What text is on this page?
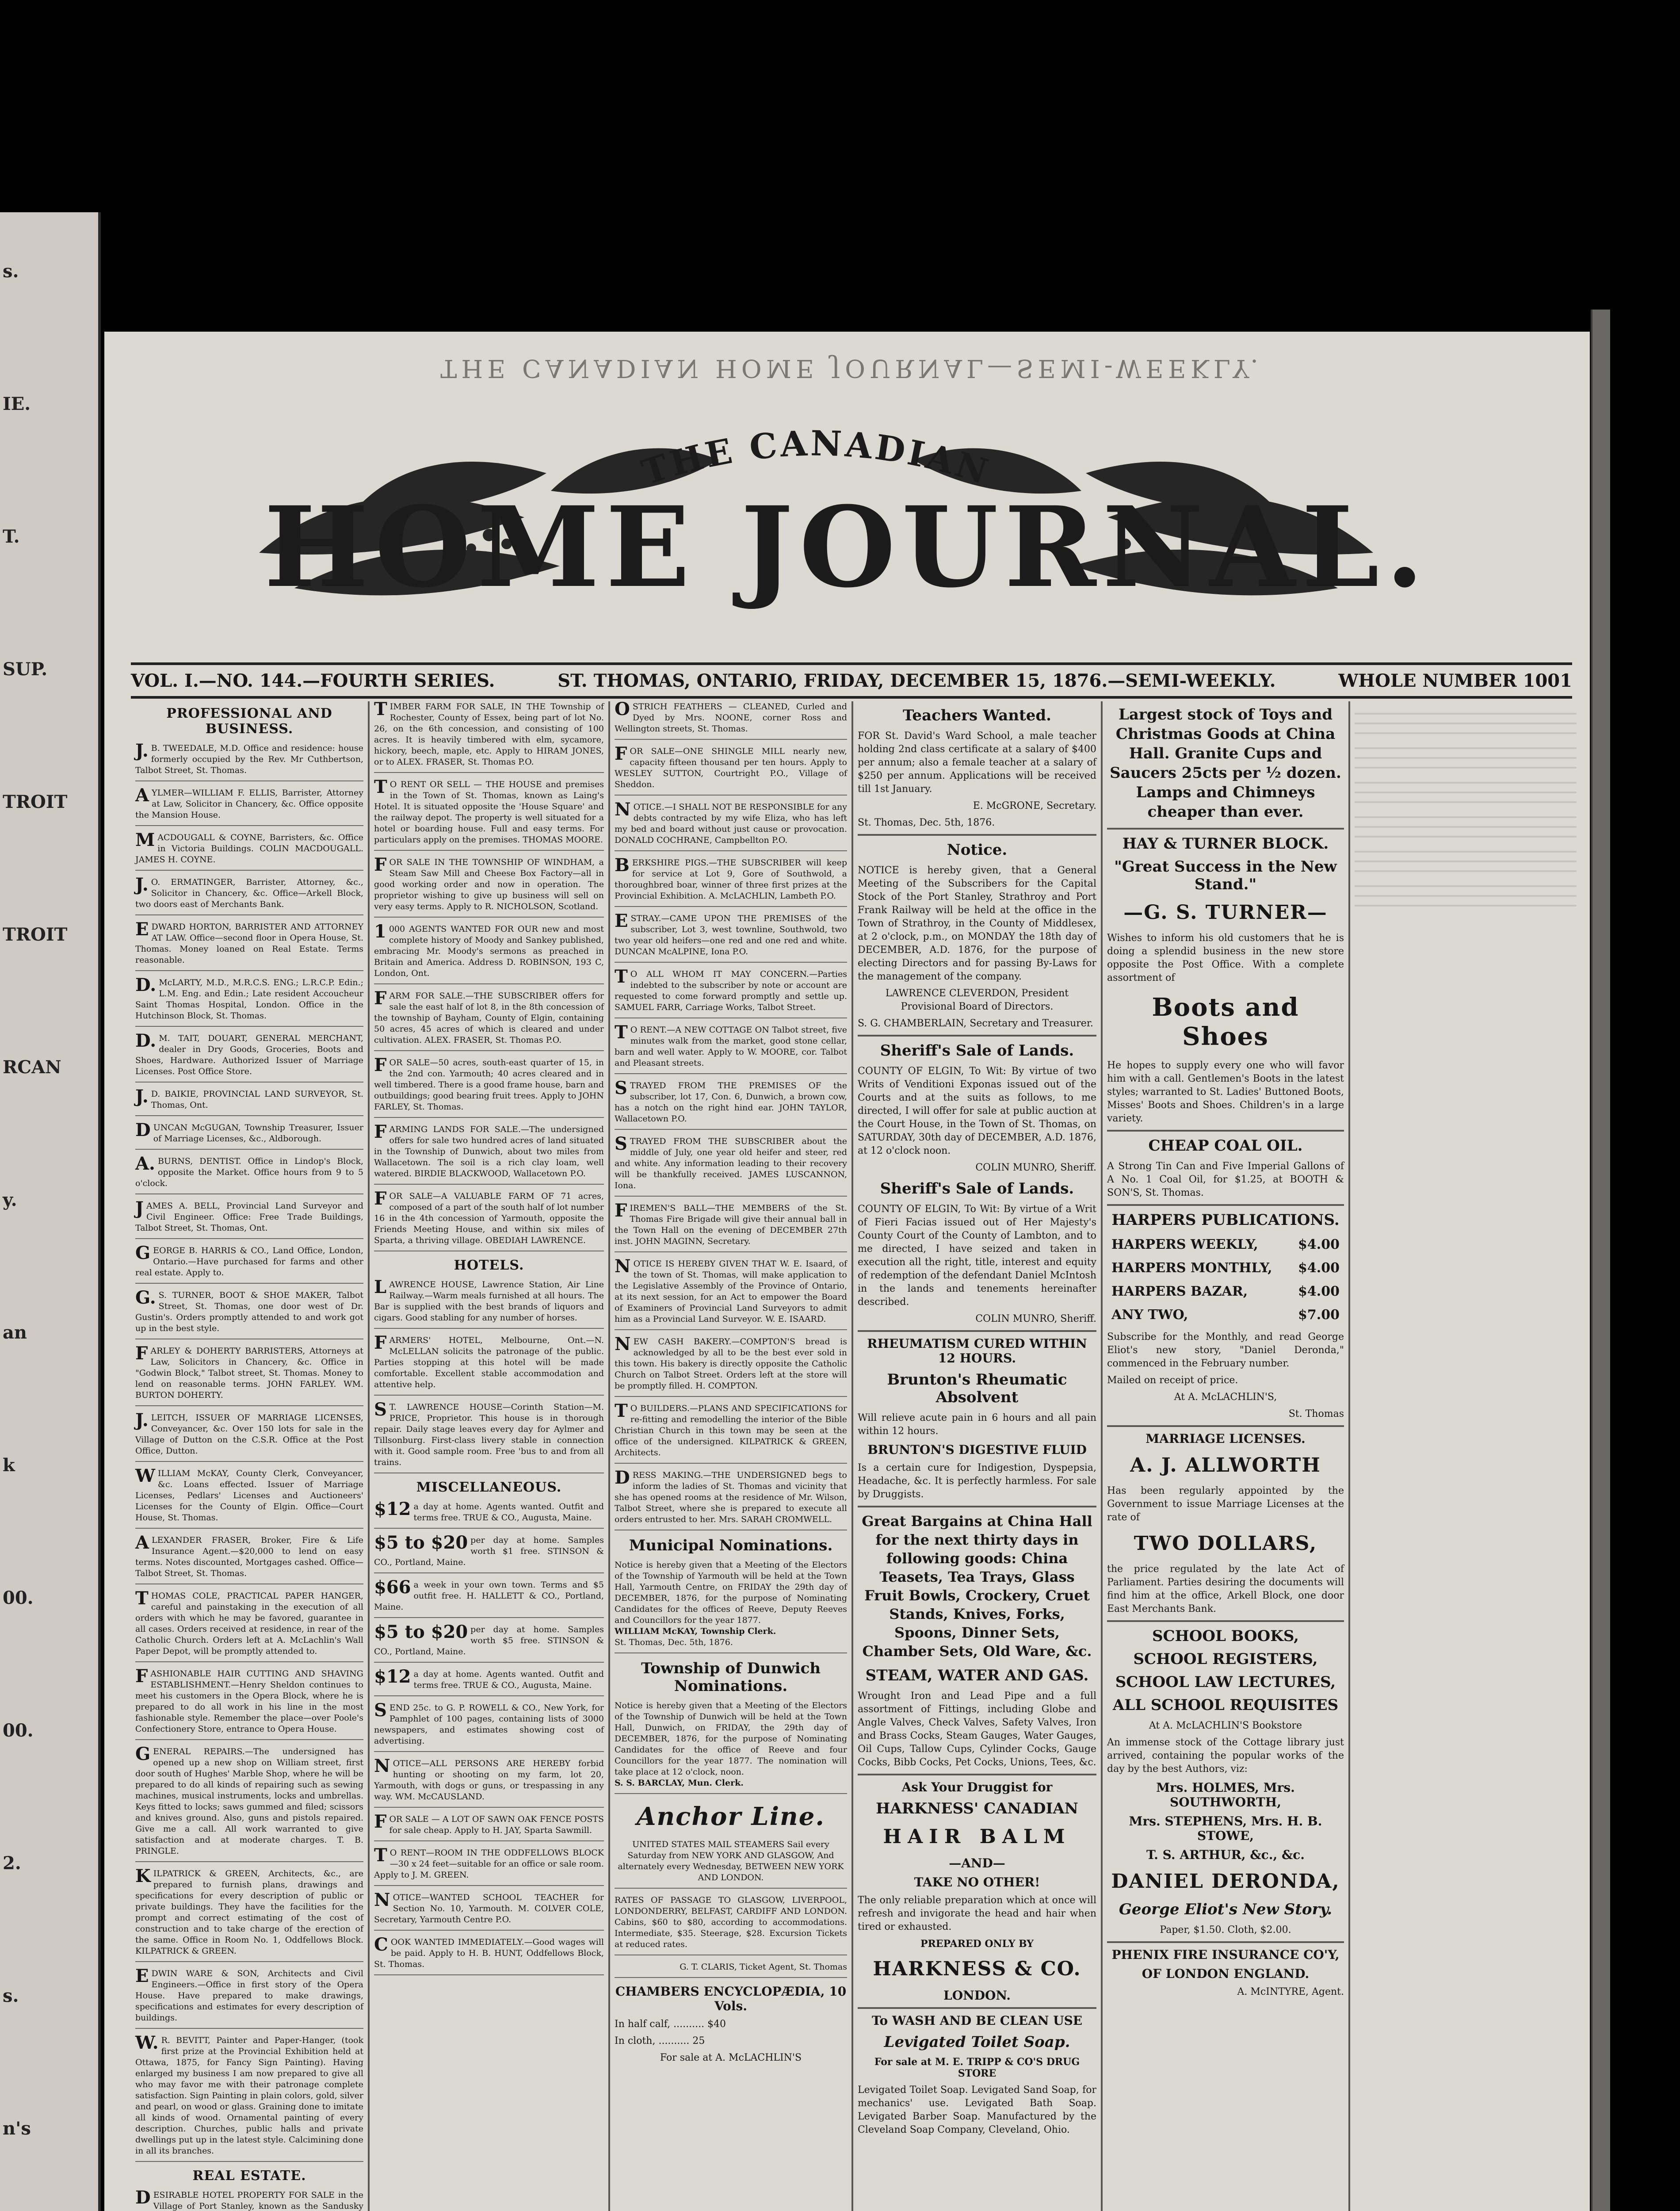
s.
IE.
T.
SUP.
TROIT
TROIT
RCAN
y.
an
k
00.
00.
2.
s.
n's
THE CANADIAN HOME JOURNAL—SEMI-WEEKLY.
THE CANADIAN
HOME JOURNAL.
VOL. I.—NO. 144.—FOURTH SERIES.	ST. THOMAS, ONTARIO, FRIDAY, DECEMBER 15, 1876.—SEMI-WEEKLY.	WHOLE NUMBER 1001
PROFESSIONAL AND BUSINESS.

J. B. TWEEDALE, M.D. Office and residence: house formerly occupied by the Rev. Mr Cuthbertson, Talbot Street, St. Thomas.

AYLMER—WILLIAM F. ELLIS, Barrister, Attorney at Law, Solicitor in Chancery, &c. Office opposite the Mansion House.

MACDOUGALL & COYNE, Barristers, &c. Office in Victoria Buildings. COLIN MACDOUGALL. JAMES H. COYNE.

J. O. ERMATINGER, Barrister, Attorney, &c., Solicitor in Chancery, &c. Office—Arkell Block, two doors east of Merchants Bank.

EDWARD HORTON, BARRISTER AND ATTORNEY AT LAW. Office—second floor in Opera House, St. Thomas. Money loaned on Real Estate. Terms reasonable.

D. McLARTY, M.D., M.R.C.S. ENG.; L.R.C.P. Edin.; L.M. Eng. and Edin.; Late resident Accoucheur Saint Thomas Hospital, London. Office in the Hutchinson Block, St. Thomas.

D. M. TAIT, DOUART, GENERAL MERCHANT, dealer in Dry Goods, Groceries, Boots and Shoes, Hardware. Authorized Issuer of Marriage Licenses. Post Office Store.

J. D. BAIKIE, PROVINCIAL LAND SURVEYOR, St. Thomas, Ont.

DUNCAN McGUGAN, Township Treasurer, Issuer of Marriage Licenses, &c., Aldborough.

A. BURNS, DENTIST. Office in Lindop's Block, opposite the Market. Office hours from 9 to 5 o'clock.

JAMES A. BELL, Provincial Land Surveyor and Civil Engineer. Office: Free Trade Buildings, Talbot Street, St. Thomas, Ont.

GEORGE B. HARRIS & CO., Land Office, London, Ontario.—Have purchased for farms and other real estate. Apply to.

G. S. TURNER, BOOT & SHOE MAKER, Talbot Street, St. Thomas, one door west of Dr. Gustin's. Orders promptly attended to and work got up in the best style.

FARLEY & DOHERTY BARRISTERS, Attorneys at Law, Solicitors in Chancery, &c. Office in "Godwin Block," Talbot street, St. Thomas. Money to lend on reasonable terms. JOHN FARLEY. WM. BURTON DOHERTY.

J. LEITCH, ISSUER OF MARRIAGE LICENSES, Conveyancer, &c. Over 150 lots for sale in the Village of Dutton on the C.S.R. Office at the Post Office, Dutton.

WILLIAM McKAY, County Clerk, Conveyancer, &c. Loans effected. Issuer of Marriage Licenses, Pedlars' Licenses and Auctioneers' Licenses for the County of Elgin. Office—Court House, St. Thomas.

ALEXANDER FRASER, Broker, Fire & Life Insurance Agent.—$20,000 to lend on easy terms. Notes discounted, Mortgages cashed. Office—Talbot Street, St. Thomas.

THOMAS COLE, PRACTICAL PAPER HANGER, careful and painstaking in the execution of all orders with which he may be favored, guarantee in all cases. Orders received at residence, in rear of the Catholic Church. Orders left at A. McLachlin's Wall Paper Depot, will be promptly attended to.

FASHIONABLE HAIR CUTTING AND SHAVING ESTABLISHMENT.—Henry Sheldon continues to meet his customers in the Opera Block, where he is prepared to do all work in his line in the most fashionable style. Remember the place—over Poole's Confectionery Store, entrance to Opera House.

GENERAL REPAIRS.—The undersigned has opened up a new shop on William street, first door south of Hughes' Marble Shop, where he will be prepared to do all kinds of repairing such as sewing machines, musical instruments, locks and umbrellas. Keys fitted to locks; saws gummed and filed; scissors and knives ground. Also, guns and pistols repaired. Give me a call. All work warranted to give satisfaction and at moderate charges. T. B. PRINGLE.

KILPATRICK & GREEN, Architects, &c., are prepared to furnish plans, drawings and specifications for every description of public or private buildings. They have the facilities for the prompt and correct estimating of the cost of construction and to take charge of the erection of the same. Office in Room No. 1, Oddfellows Block. KILPATRICK & GREEN.

EDWIN WARE & SON, Architects and Civil Engineers.—Office in first story of the Opera House. Have prepared to make drawings, specifications and estimates for every description of buildings.

W. R. BEVITT, Painter and Paper-Hanger, (took first prize at the Provincial Exhibition held at Ottawa, 1875, for Fancy Sign Painting). Having enlarged my business I am now prepared to give all who may favor me with their patronage complete satisfaction. Sign Painting in plain colors, gold, silver and pearl, on wood or glass. Graining done to imitate all kinds of wood. Ornamental painting of every description. Churches, public halls and private dwellings put up in the latest style. Calcimining done in all its branches.

REAL ESTATE.

DESIRABLE HOTEL PROPERTY FOR SALE in the Village of Port Stanley, known as the Sandusky

TIMBER FARM FOR SALE, IN THE Township of Rochester, County of Essex, being part of lot No. 26, on the 6th concession, and consisting of 100 acres. It is heavily timbered with elm, sycamore, hickory, beech, maple, etc. Apply to HIRAM JONES, or to ALEX. FRASER, St. Thomas P.O.

T O RENT OR SELL — THE HOUSE and premises in the Town of St. Thomas, known as Laing's Hotel. It is situated opposite the 'House Square' and the railway depot. The property is well situated for a hotel or boarding house. Full and easy terms. For particulars apply on the premises. THOMAS MOORE.

FOR SALE IN THE TOWNSHIP OF WINDHAM, a Steam Saw Mill and Cheese Box Factory—all in good working order and now in operation. The proprietor wishing to give up business will sell on very easy terms. Apply to R. NICHOLSON, Scotland.

1 000 AGENTS WANTED FOR OUR new and most complete history of Moody and Sankey published, embracing Mr. Moody's sermons as preached in Britain and America. Address D. ROBINSON, 193 C, London, Ont.

FARM FOR SALE.—THE SUBSCRIBER offers for sale the east half of lot 8, in the 8th concession of the township of Bayham, County of Elgin, containing 50 acres, 45 acres of which is cleared and under cultivation. ALEX. FRASER, St. Thomas P.O.

FOR SALE—50 acres, south-east quarter of 15, in the 2nd con. Yarmouth; 40 acres cleared and in well timbered. There is a good frame house, barn and outbuildings; good bearing fruit trees. Apply to JOHN FARLEY, St. Thomas.

FARMING LANDS FOR SALE.—The undersigned offers for sale two hundred acres of land situated in the Township of Dunwich, about two miles from Wallacetown. The soil is a rich clay loam, well watered. BIRDIE BLACKWOOD, Wallacetown P.O.

FOR SALE—A VALUABLE FARM OF 71 acres, composed of a part of the south half of lot number 16 in the 4th concession of Yarmouth, opposite the Friends Meeting House, and within six miles of Sparta, a thriving village. OBEDIAH LAWRENCE.

HOTELS.

LAWRENCE HOUSE, Lawrence Station, Air Line Railway.—Warm meals furnished at all hours. The Bar is supplied with the best brands of liquors and cigars. Good stabling for any number of horses.

FARMERS' HOTEL, Melbourne, Ont.—N. McLELLAN solicits the patronage of the public. Parties stopping at this hotel will be made comfortable. Excellent stable accommodation and attentive help.

S T. LAWRENCE HOUSE—Corinth Station—M. PRICE, Proprietor. This house is in thorough repair. Daily stage leaves every day for Aylmer and Tillsonburg. First-class livery stable in connection with it. Good sample room. Free 'bus to and from all trains.

MISCELLANEOUS.

$12 a day at home. Agents wanted. Outfit and terms free. TRUE & CO., Augusta, Maine.

$5 to $20 per day at home. Samples worth $1 free. STINSON & CO., Portland, Maine.

$66 a week in your own town. Terms and $5 outfit free. H. HALLETT & CO., Portland, Maine.

$5 to $20 per day at home. Samples worth $5 free. STINSON & CO., Portland, Maine.

$12 a day at home. Agents wanted. Outfit and terms free. TRUE & CO., Augusta, Maine.

SEND 25c. to G. P. ROWELL & CO., New York, for Pamphlet of 100 pages, containing lists of 3000 newspapers, and estimates showing cost of advertising.

NOTICE—ALL PERSONS ARE HEREBY forbid hunting or shooting on my farm, lot 20, Yarmouth, with dogs or guns, or trespassing in any way. WM. McCAUSLAND.

FOR SALE — A LOT OF SAWN OAK FENCE POSTS for sale cheap. Apply to H. JAY, Sparta Sawmill.

T O RENT—ROOM IN THE ODDFELLOWS BLOCK—30 x 24 feet—suitable for an office or sale room. Apply to J. M. GREEN.

NOTICE—WANTED SCHOOL TEACHER for Section No. 10, Yarmouth. M. COLVER COLE, Secretary, Yarmouth Centre P.O.

COOK WANTED IMMEDIATELY.—Good wages will be paid. Apply to H. B. HUNT, Oddfellows Block, St. Thomas.

OSTRICH FEATHERS — CLEANED, Curled and Dyed by Mrs. NOONE, corner Ross and Wellington streets, St. Thomas.

FOR SALE—ONE SHINGLE MILL nearly new, capacity fifteen thousand per ten hours. Apply to WESLEY SUTTON, Courtright P.O., Village of Sheddon.

NOTICE.—I SHALL NOT BE RESPONSIBLE for any debts contracted by my wife Eliza, who has left my bed and board without just cause or provocation. DONALD COCHRANE, Campbellton P.O.

BERKSHIRE PIGS.—THE SUBSCRIBER will keep for service at Lot 9, Gore of Southwold, a thoroughbred boar, winner of three first prizes at the Provincial Exhibition. A. McLACHLIN, Lambeth P.O.

ESTRAY.—CAME UPON THE PREMISES of the subscriber, Lot 3, west townline, Southwold, two two year old heifers—one red and one red and white. DUNCAN McALPINE, Iona P.O.

T O ALL WHOM IT MAY CONCERN.—Parties indebted to the subscriber by note or account are requested to come forward promptly and settle up. SAMUEL FARR, Carriage Works, Talbot Street.

T O RENT.—A NEW COTTAGE ON Talbot street, five minutes walk from the market, good stone cellar, barn and well water. Apply to W. MOORE, cor. Talbot and Pleasant streets.

STRAYED FROM THE PREMISES OF the subscriber, lot 17, Con. 6, Dunwich, a brown cow, has a notch on the right hind ear. JOHN TAYLOR, Wallacetown P.O.

STRAYED FROM THE SUBSCRIBER about the middle of July, one year old heifer and steer, red and white. Any information leading to their recovery will be thankfully received. JAMES LUSCANNON, Iona.

FIREMEN'S BALL—THE MEMBERS of the St. Thomas Fire Brigade will give their annual ball in the Town Hall on the evening of DECEMBER 27th inst. JOHN MAGINN, Secretary.

NOTICE IS HEREBY GIVEN THAT W. E. Isaard, of the town of St. Thomas, will make application to the Legislative Assembly of the Province of Ontario, at its next session, for an Act to empower the Board of Examiners of Provincial Land Surveyors to admit him as a Provincial Land Surveyor. W. E. ISAARD.

NEW CASH BAKERY.—COMPTON'S bread is acknowledged by all to be the best ever sold in this town. His bakery is directly opposite the Catholic Church on Talbot Street. Orders left at the store will be promptly filled. H. COMPTON.

T O BUILDERS.—PLANS AND SPECIFICATIONS for re-fitting and remodelling the interior of the Bible Christian Church in this town may be seen at the office of the undersigned. KILPATRICK & GREEN, Architects.

DRESS MAKING.—THE UNDERSIGNED begs to inform the ladies of St. Thomas and vicinity that she has opened rooms at the residence of Mr. Wilson, Talbot Street, where she is prepared to execute all orders entrusted to her. Mrs. SARAH CROMWELL.

Municipal Nominations.

Notice is hereby given that a Meeting of the Electors of the Township of Yarmouth will be held at the Town Hall, Yarmouth Centre, on FRIDAY the 29th day of DECEMBER, 1876, for the purpose of Nominating Candidates for the offices of Reeve, Deputy Reeves and Councillors for the year 1877.
WILLIAM McKAY, Township Clerk.
St. Thomas, Dec. 5th, 1876.

Township of Dunwich Nominations.

Notice is hereby given that a Meeting of the Electors of the Township of Dunwich will be held at the Town Hall, Dunwich, on FRIDAY, the 29th day of DECEMBER, 1876, for the purpose of Nominating Candidates for the office of Reeve and four Councillors for the year 1877. The nomination will take place at 12 o'clock, noon.
S. S. BARCLAY, Mun. Clerk.

Anchor Line.

UNITED STATES MAIL STEAMERS Sail every Saturday from NEW YORK AND GLASGOW, And alternately every Wednesday, BETWEEN NEW YORK AND LONDON.

RATES OF PASSAGE TO GLASGOW, LIVERPOOL, LONDONDERRY, BELFAST, CARDIFF AND LONDON. Cabins, $60 to $80, according to accommodations. Intermediate, $35. Steerage, $28. Excursion Tickets at reduced rates.

G. T. CLARIS, Ticket Agent, St. Thomas

CHAMBERS ENCYCLOPÆDIA, 10 Vols.
In half calf, .......... $40
In cloth, .......... 25
For sale at A. McLACHLIN'S
Teachers Wanted.

FOR St. David's Ward School, a male teacher holding 2nd class certificate at a salary of $400 per annum; also a female teacher at a salary of $250 per annum. Applications will be received till 1st January.

E. McGRONE, Secretary.

St. Thomas, Dec. 5th, 1876.

Notice.

NOTICE is hereby given, that a General Meeting of the Subscribers for the Capital Stock of the Port Stanley, Strathroy and Port Frank Railway will be held at the office in the Town of Strathroy, in the County of Middlesex, at 2 o'clock, p.m., on MONDAY the 18th day of DECEMBER, A.D. 1876, for the purpose of electing Directors and for passing By-Laws for the management of the company.

LAWRENCE CLEVERDON, President Provisional Board of Directors.

S. G. CHAMBERLAIN, Secretary and Treasurer.

Sheriff's Sale of Lands.

COUNTY OF ELGIN, To Wit: By virtue of two Writs of Venditioni Exponas issued out of the Courts and at the suits as follows, to me directed, I will offer for sale at public auction at the Court House, in the Town of St. Thomas, on SATURDAY, 30th day of DECEMBER, A.D. 1876, at 12 o'clock noon.

COLIN MUNRO, Sheriff.

Sheriff's Sale of Lands.

COUNTY OF ELGIN, To Wit: By virtue of a Writ of Fieri Facias issued out of Her Majesty's County Court of the County of Lambton, and to me directed, I have seized and taken in execution all the right, title, interest and equity of redemption of the defendant Daniel McIntosh in the lands and tenements hereinafter described.

COLIN MUNRO, Sheriff.

RHEUMATISM CURED WITHIN 12 HOURS.
Brunton's Rheumatic Absolvent

Will relieve acute pain in 6 hours and all pain within 12 hours.

BRUNTON'S DIGESTIVE FLUID

Is a certain cure for Indigestion, Dyspepsia, Headache, &c. It is perfectly harmless. For sale by Druggists.

Great Bargains at China Hall for the next thirty days in following goods: China Teasets, Tea Trays, Glass Fruit Bowls, Crockery, Cruet Stands, Knives, Forks, Spoons, Dinner Sets, Chamber Sets, Old Ware, &c.

STEAM, WATER AND GAS.

Wrought Iron and Lead Pipe and a full assortment of Fittings, including Globe and Angle Valves, Check Valves, Safety Valves, Iron and Brass Cocks, Steam Gauges, Water Gauges, Oil Cups, Tallow Cups, Cylinder Cocks, Gauge Cocks, Bibb Cocks, Pet Cocks, Unions, Tees, &c.

Ask Your Druggist for
HARKNESS' CANADIAN
HAIR BALM
—AND—
TAKE NO OTHER!

The only reliable preparation which at once will refresh and invigorate the head and hair when tired or exhausted.

PREPARED ONLY BY
HARKNESS & CO.
LONDON.
To WASH AND BE CLEAN USE
Levigated Toilet Soap.
For sale at M. E. TRIPP & CO'S DRUG STORE

Levigated Toilet Soap. Levigated Sand Soap, for mechanics' use. Levigated Bath Soap. Levigated Barber Soap. Manufactured by the Cleveland Soap Company, Cleveland, Ohio.

Largest stock of Toys and Christmas Goods at China Hall. Granite Cups and Saucers 25cts per ½ dozen. Lamps and Chimneys cheaper than ever.

HAY & TURNER BLOCK.
"Great Success in the New Stand."
—G. S. TURNER—

Wishes to inform his old customers that he is doing a splendid business in the new store opposite the Post Office. With a complete assortment of

Boots and Shoes

He hopes to supply every one who will favor him with a call. Gentlemen's Boots in the latest styles; warranted to St. Ladies' Buttoned Boots, Misses' Boots and Shoes. Children's in a large variety.

CHEAP COAL OIL.

A Strong Tin Can and Five Imperial Gallons of A No. 1 Coal Oil, for $1.25, at BOOTH & SON'S, St. Thomas.

HARPERS PUBLICATIONS.
HARPERS WEEKLY,	$4.00
HARPERS MONTHLY, $4.00
HARPERS BAZAR,	$4.00
ANY TWO,	$7.00

Subscribe for the Monthly, and read George Eliot's new story, "Daniel Deronda," commenced in the February number.

Mailed on receipt of price.

At A. McLACHLIN'S,

St. Thomas

MARRIAGE LICENSES.
A. J. ALLWORTH

Has been regularly appointed by the Government to issue Marriage Licenses at the rate of

TWO DOLLARS,

the price regulated by the late Act of Parliament. Parties desiring the documents will find him at the office, Arkell Block, one door East Merchants Bank.

SCHOOL BOOKS,
SCHOOL REGISTERS,
SCHOOL LAW LECTURES,
ALL SCHOOL REQUISITES

At A. McLACHLIN'S Bookstore

An immense stock of the Cottage library just arrived, containing the popular works of the day by the best Authors, viz:

Mrs. HOLMES, Mrs. SOUTHWORTH,
Mrs. STEPHENS, Mrs. H. B. STOWE,
T. S. ARTHUR, &c., &c.
DANIEL DERONDA,
George Eliot's New Story.

Paper, $1.50. Cloth, $2.00.

PHENIX FIRE INSURANCE CO'Y,
OF LONDON ENGLAND.

A. McINTYRE, Agent.
